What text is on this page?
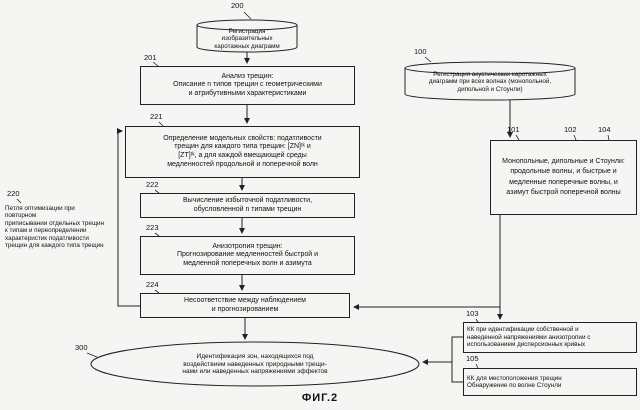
200
201
221
222
223
224
220
100
101	102	104
103
105
300
Регистрация
изобразительных
каротажных диаграмм
Анализ трещин:
Описание n типов трещин с геометрическими
и атрибутивными характеристиками
Определение модельных свойств: податливости
трещин для каждого типа трещин: [ZN]ᵗᵏ и
[ZT]ᵗᵏ, а для каждой вмещающей среды
медленностей продольной и поперечной волн
Вычисление избыточной податливости,
обусловленной n типами трещин
Анизотропия трещин:
Прогнозирование медленностей быстрой и
медленной поперечных волн и азимута
Несоответствие между наблюдением
и прогнозированием
Петля оптимизации при повторном
приписывании отдельных трещин
к типам и переопределении
характеристик податливости
трещин для каждого типа трещин
Регистрация акустических каротажных
диаграмм при всех волнах (монопольной,
дипольной и Стоунли)
Монопольные, дипольные и Стоунли:
продольные волны, и быстрые и
медленные поперечные волны, и
азимут быстрой поперечной волны
КК при идентификации собственной и
наведенной напряжениями анизотропии с
использованием дисперсионных кривых
КК для местоположения трещин
Обнаружение по волне Стоунли
Идентификация зон, находящихся под
воздействием наведенных природными трещи-
нами или наведенных напряжениями эффектов
ФИГ.2
